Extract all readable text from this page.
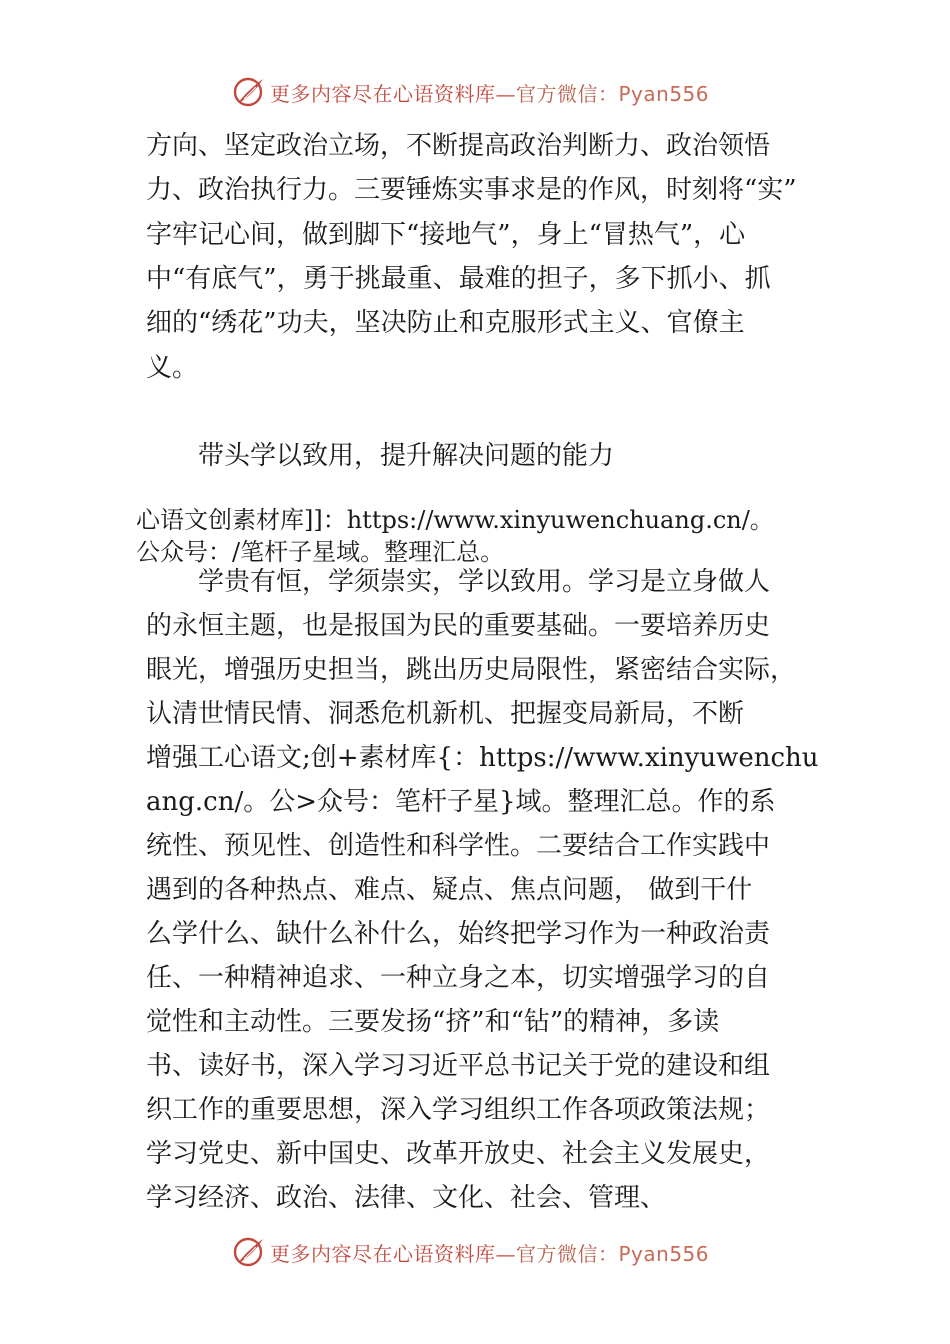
更多内容尽在心语资料库—官方微信：Pyan556
方向、坚定政治立场，不断提高政治判断力、政治领悟
力、政治执行力。三要锤炼实事求是的作风，时刻将“实”
字牢记心间，做到脚下“接地气”，身上“冒热气”，心
中“有底气”，勇于挑最重、最难的担子，多下抓小、抓
细的“绣花”功夫，坚决防止和克服形式主义、官僚主
义。
带头学以致用，提升解决问题的能力
心语文创素材库]]：https://www.xinyuwenchuang.cn/。
公众号：/笔杆子星域。整理汇总。
学贵有恒，学须崇实，学以致用。学习是立身做人
的永恒主题，也是报国为民的重要基础。一要培养历史
眼光，增强历史担当，跳出历史局限性，紧密结合实际，
认清世情民情、洞悉危机新机、把握变局新局，不断
增强工心语文;创+素材库{：https://www.xinyuwenchu
ang.cn/。公>众号：笔杆子星}域。整理汇总。作的系
统性、预见性、创造性和科学性。二要结合工作实践中
遇到的各种热点、难点、疑点、焦点问题， 做到干什
么学什么、缺什么补什么，始终把学习作为一种政治责
任、一种精神追求、一种立身之本，切实增强学习的自
觉性和主动性。三要发扬“挤”和“钻”的精神，多读
书、读好书，深入学习习近平总书记关于党的建设和组
织工作的重要思想，深入学习组织工作各项政策法规；
学习党史、新中国史、改革开放史、社会主义发展史，
学习经济、政治、法律、文化、社会、管理、
更多内容尽在心语资料库—官方微信：Pyan556
